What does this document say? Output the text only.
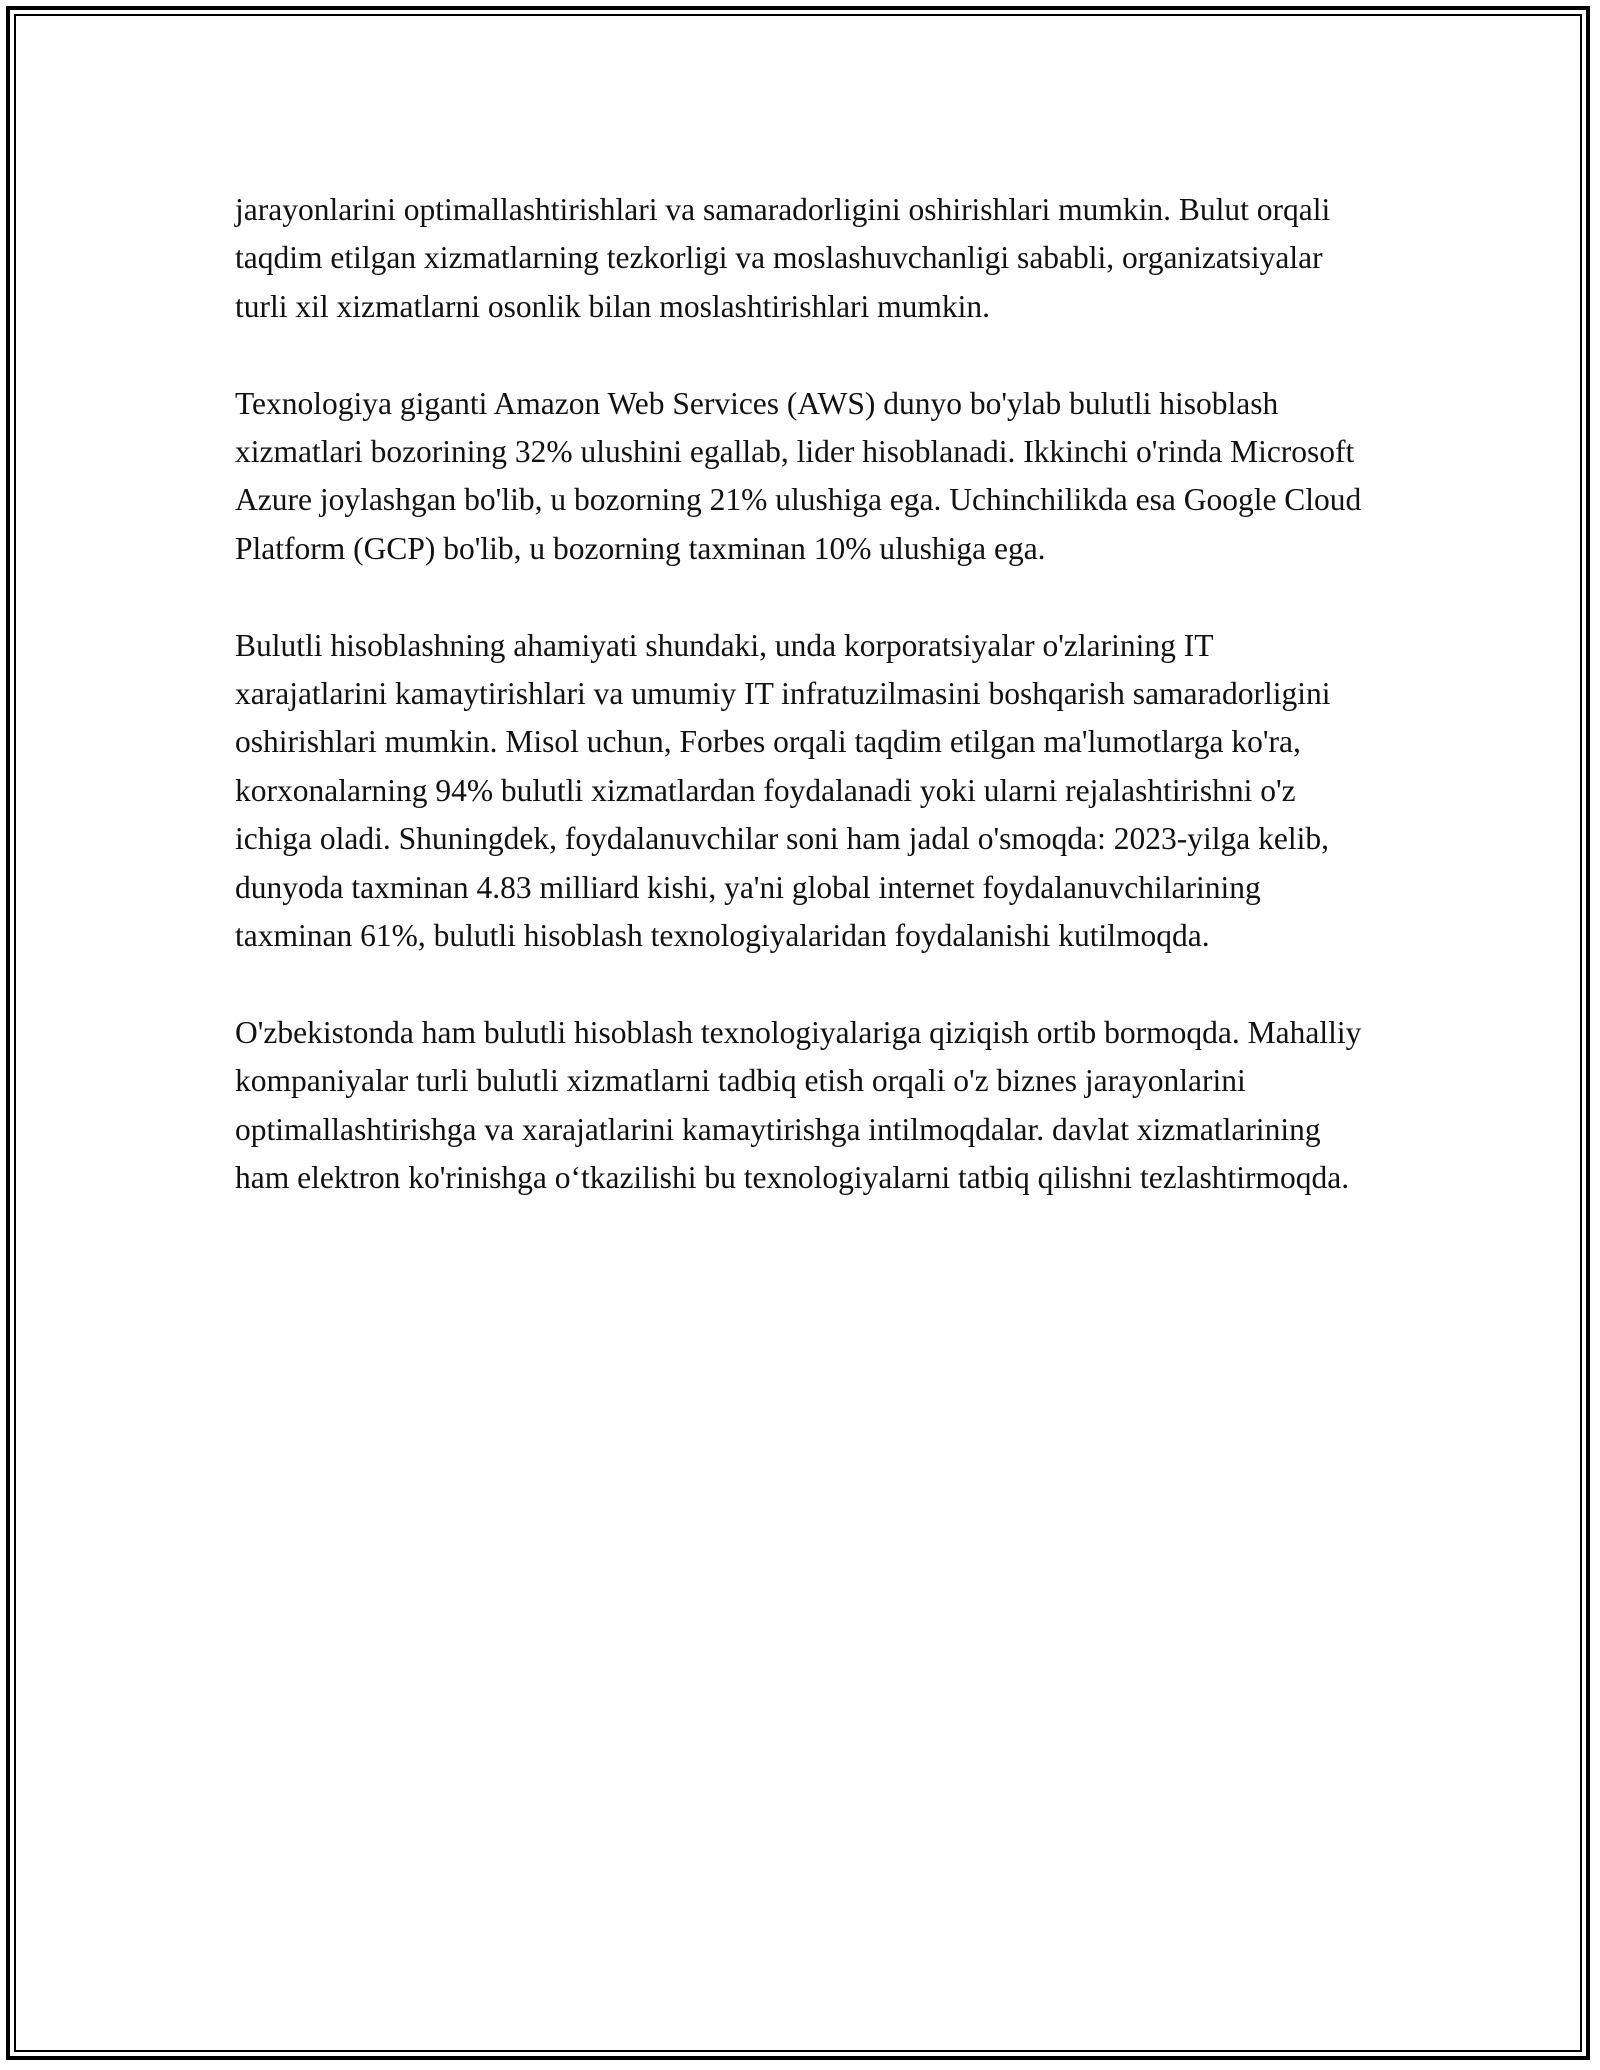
jarayonlarini optimallashtirishlari va samaradorligini oshirishlari mumkin. Bulut orqali taqdim etilgan xizmatlarning tezkorligi va moslashuvchanligi sababli, organizatsiyalar turli xil xizmatlarni osonlik bilan moslashtirishlari mumkin.

Texnologiya giganti Amazon Web Services (AWS) dunyo bo'ylab bulutli hisoblash xizmatlari bozorining 32% ulushini egallab, lider hisoblanadi. Ikkinchi o'rinda Microsoft Azure joylashgan bo'lib, u bozorning 21% ulushiga ega. Uchinchilikda esa Google Cloud Platform (GCP) bo'lib, u bozorning taxminan 10% ulushiga ega.

Bulutli hisoblashning ahamiyati shundaki, unda korporatsiyalar o'zlarining IT xarajatlarini kamaytirishlari va umumiy IT infratuzilmasini boshqarish samaradorligini oshirishlari mumkin. Misol uchun, Forbes orqali taqdim etilgan ma'lumotlarga ko'ra, korxonalarning 94% bulutli xizmatlardan foydalanadi yoki ularni rejalashtirishni o'z ichiga oladi. Shuningdek, foydalanuvchilar soni ham jadal o'smoqda: 2023-yilga kelib, dunyoda taxminan 4.83 milliard kishi, ya'ni global internet foydalanuvchilarining taxminan 61%, bulutli hisoblash texnologiyalaridan foydalanishi kutilmoqda.

O'zbekistonda ham bulutli hisoblash texnologiyalariga qiziqish ortib bormoqda. Mahalliy kompaniyalar turli bulutli xizmatlarni tadbiq etish orqali o'z biznes jarayonlarini optimallashtirishga va xarajatlarini kamaytirishga intilmoqdalar. davlat xizmatlarining ham elektron ko'rinishga o‘tkazilishi bu texnologiyalarni tatbiq qilishni tezlashtirmoqda.
